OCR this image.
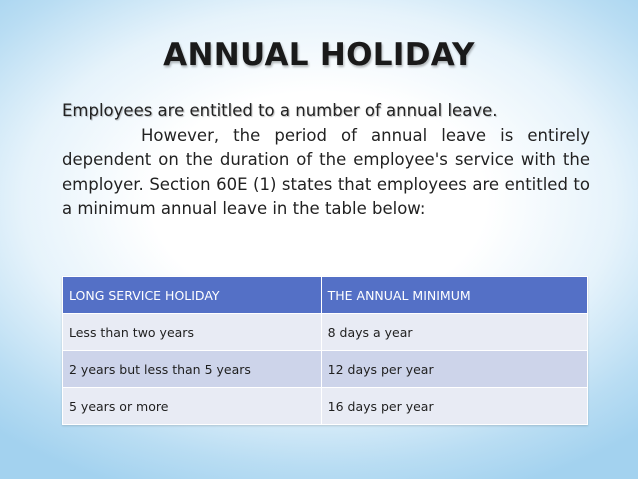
ANNUAL HOLIDAY
Employees are entitled to a number of annual leave.
However, the period of annual leave is entirely dependent on the duration of the employee's service with the employer. Section 60E (1) states that employees are entitled to a minimum annual leave in the table below:
LONG SERVICE HOLIDAY	THE ANNUAL MINIMUM
Less than two years	8 days a year
2 years but less than 5 years	12 days per year
5 years or more	16 days per year
